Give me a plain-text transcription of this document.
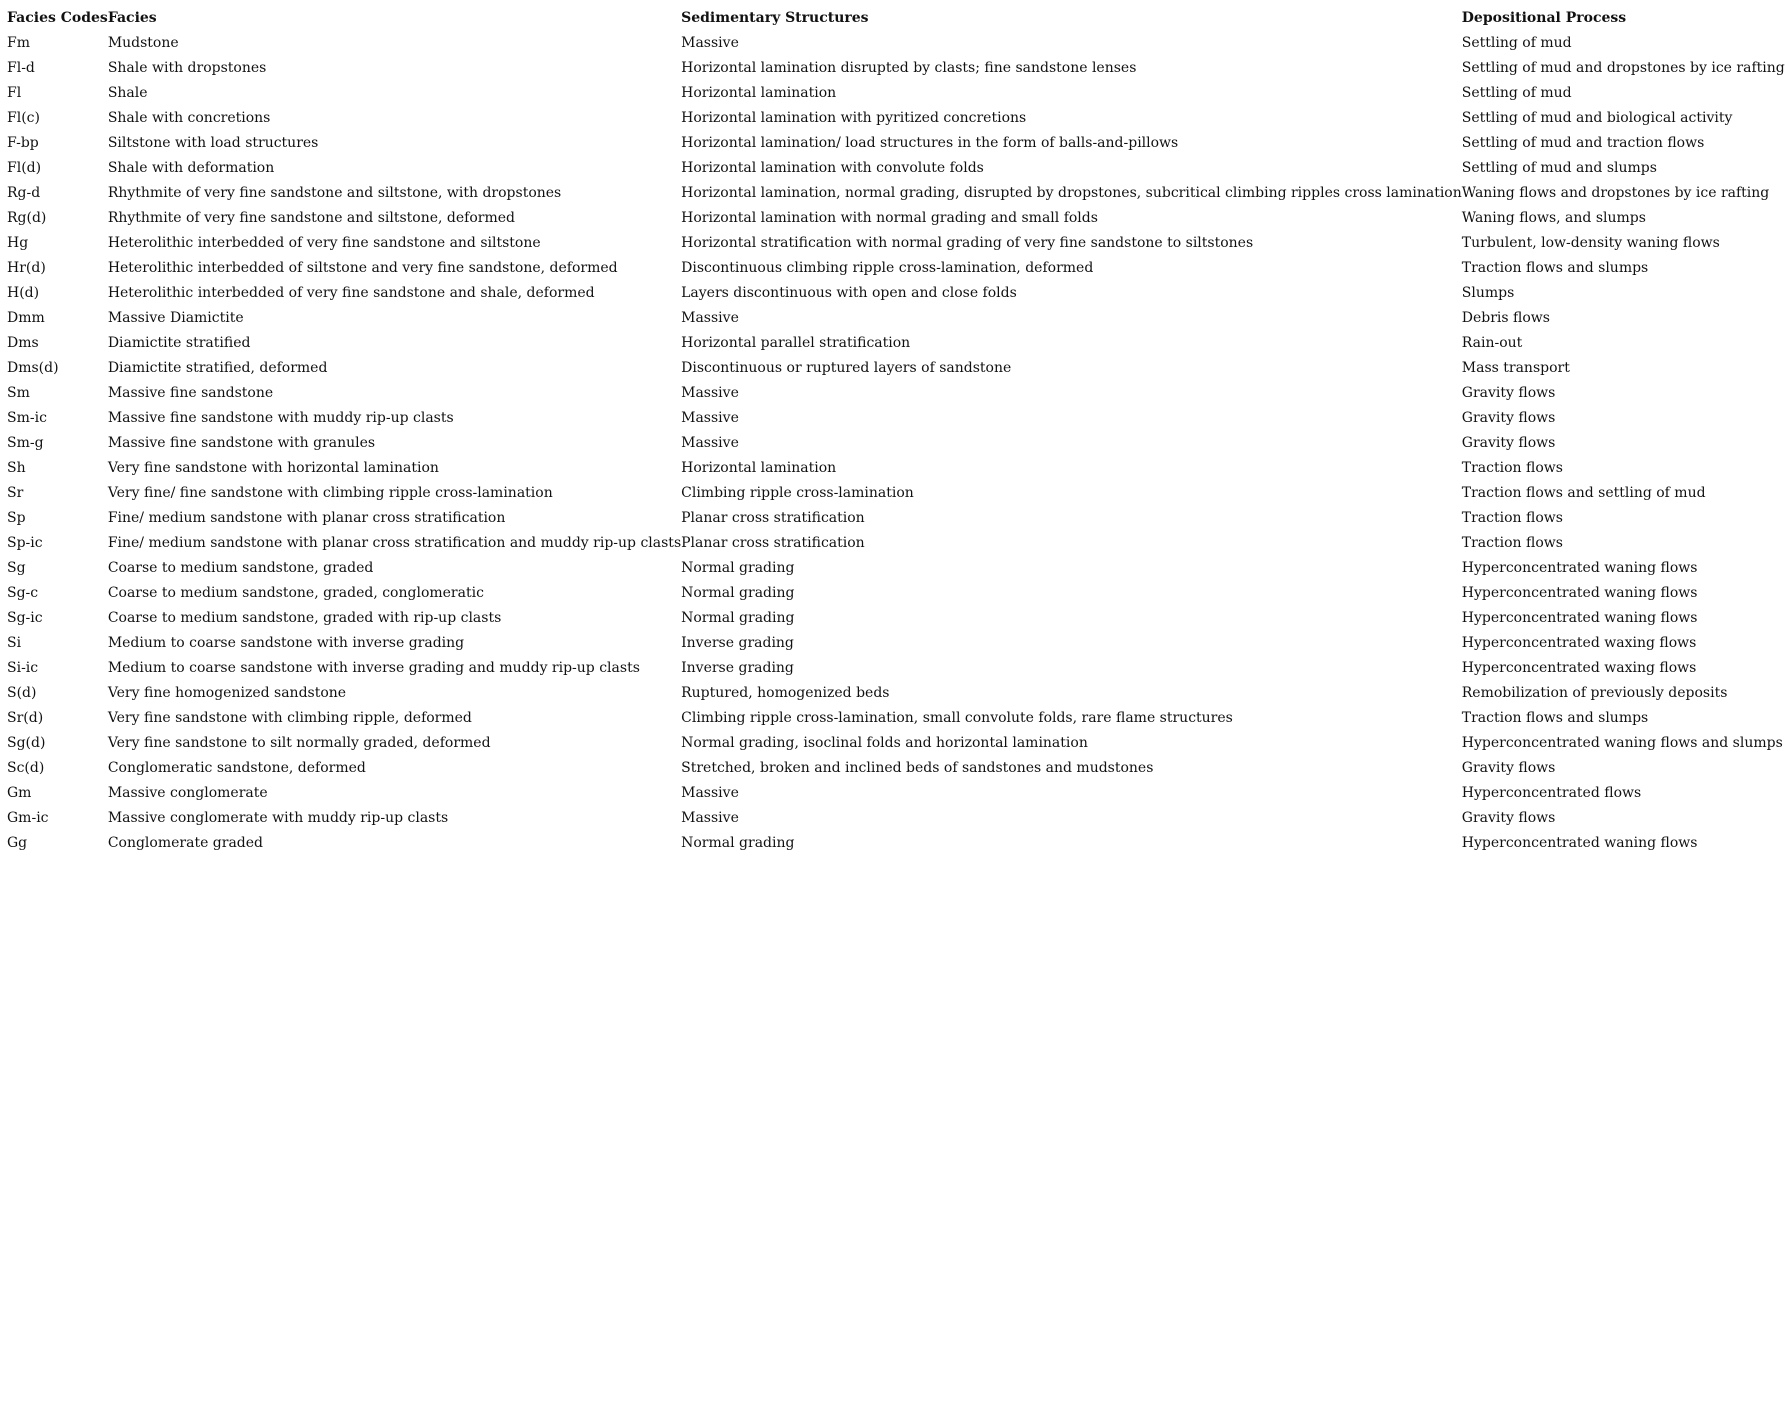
Facies Codes	Facies	Sedimentary Structures	Depositional Process
Fm	Mudstone	Massive	Settling of mud
Fl-d	Shale with dropstones	Horizontal lamination disrupted by clasts; fine sandstone lenses	Settling of mud and dropstones by ice rafting
Fl	Shale	Horizontal lamination	Settling of mud
Fl(c)	Shale with concretions	Horizontal lamination with pyritized concretions	Settling of mud and biological activity
F-bp	Siltstone with load structures	Horizontal lamination/ load structures in the form of balls-and-pillows	Settling of mud and traction flows
Fl(d)	Shale with deformation	Horizontal lamination with convolute folds	Settling of mud and slumps
Rg-d	Rhythmite of very fine sandstone and siltstone, with dropstones	Horizontal lamination, normal grading, disrupted by dropstones, subcritical climbing ripples cross lamination	Waning flows and dropstones by ice rafting
Rg(d)	Rhythmite of very fine sandstone and siltstone, deformed	Horizontal lamination with normal grading and small folds	Waning flows, and slumps
Hg	Heterolithic interbedded of very fine sandstone and siltstone	Horizontal stratification with normal grading of very fine sandstone to siltstones	Turbulent, low-density waning flows
Hr(d)	Heterolithic interbedded of siltstone and very fine sandstone, deformed	Discontinuous climbing ripple cross-lamination, deformed	Traction flows and slumps
H(d)	Heterolithic interbedded of very fine sandstone and shale, deformed	Layers discontinuous with open and close folds	Slumps
Dmm	Massive Diamictite	Massive	Debris flows
Dms	Diamictite stratified	Horizontal parallel stratification	Rain-out
Dms(d)	Diamictite stratified, deformed	Discontinuous or ruptured layers of sandstone	Mass transport
Sm	Massive fine sandstone	Massive	Gravity flows
Sm-ic	Massive fine sandstone with muddy rip-up clasts	Massive	Gravity flows
Sm-g	Massive fine sandstone with granules	Massive	Gravity flows
Sh	Very fine sandstone with horizontal lamination	Horizontal lamination	Traction flows
Sr	Very fine/ fine sandstone with climbing ripple cross-lamination	Climbing ripple cross-lamination	Traction flows and settling of mud
Sp	Fine/ medium sandstone with planar cross stratification	Planar cross stratification	Traction flows
Sp-ic	Fine/ medium sandstone with planar cross stratification and muddy rip-up clasts	Planar cross stratification	Traction flows
Sg	Coarse to medium sandstone, graded	Normal grading	Hyperconcentrated waning flows
Sg-c	Coarse to medium sandstone, graded, conglomeratic	Normal grading	Hyperconcentrated waning flows
Sg-ic	Coarse to medium sandstone, graded with rip-up clasts	Normal grading	Hyperconcentrated waning flows
Si	Medium to coarse sandstone with inverse grading	Inverse grading	Hyperconcentrated waxing flows
Si-ic	Medium to coarse sandstone with inverse grading and muddy rip-up clasts	Inverse grading	Hyperconcentrated waxing flows
S(d)	Very fine homogenized sandstone	Ruptured, homogenized beds	Remobilization of previously deposits
Sr(d)	Very fine sandstone with climbing ripple, deformed	Climbing ripple cross-lamination, small convolute folds, rare flame structures	Traction flows and slumps
Sg(d)	Very fine sandstone to silt normally graded, deformed	Normal grading, isoclinal folds and horizontal lamination	Hyperconcentrated waning flows and slumps
Sc(d)	Conglomeratic sandstone, deformed	Stretched, broken and inclined beds of sandstones and mudstones	Gravity flows
Gm	Massive conglomerate	Massive	Hyperconcentrated flows
Gm-ic	Massive conglomerate with muddy rip-up clasts	Massive	Gravity flows
Gg	Conglomerate graded	Normal grading	Hyperconcentrated waning flows
